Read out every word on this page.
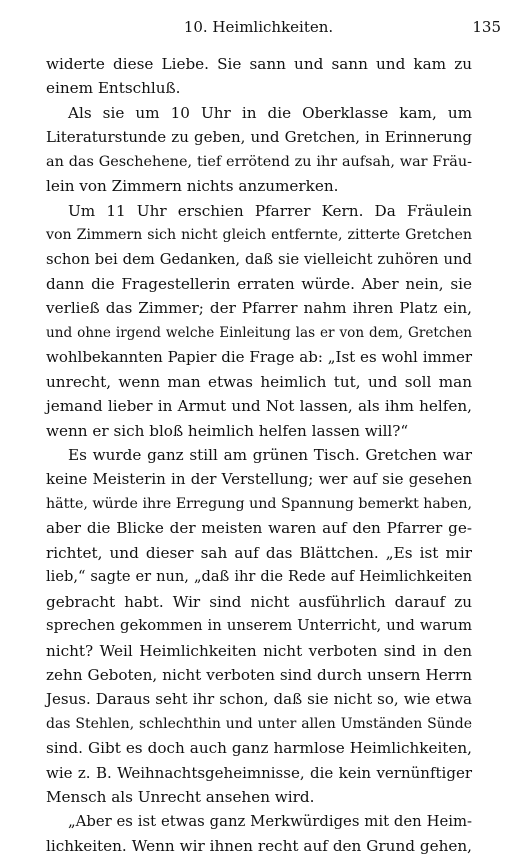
10. Heimlichkeiten.	135
widerte diese Liebe. Sie sann und sann und kam zu
einem Entschluß.
Als sie um 10 Uhr in die Oberklasse kam, um
Literaturstunde zu geben, und Gretchen, in Erinnerung
an das Geschehene, tief errötend zu ihr aufsah, war Fräu-
lein von Zimmern nichts anzumerken.
Um 11 Uhr erschien Pfarrer Kern. Da Fräulein
von Zimmern sich nicht gleich entfernte, zitterte Gretchen
schon bei dem Gedanken, daß sie vielleicht zuhören und
dann die Fragestellerin erraten würde. Aber nein, sie
verließ das Zimmer; der Pfarrer nahm ihren Platz ein,
und ohne irgend welche Einleitung las er von dem, Gretchen
wohlbekannten Papier die Frage ab: „Ist es wohl immer
unrecht, wenn man etwas heimlich tut, und soll man
jemand lieber in Armut und Not lassen, als ihm helfen,
wenn er sich bloß heimlich helfen lassen will?“
Es wurde ganz still am grünen Tisch. Gretchen war
keine Meisterin in der Verstellung; wer auf sie gesehen
hätte, würde ihre Erregung und Spannung bemerkt haben,
aber die Blicke der meisten waren auf den Pfarrer ge-
richtet, und dieser sah auf das Blättchen. „Es ist mir
lieb,“ sagte er nun, „daß ihr die Rede auf Heimlichkeiten
gebracht habt. Wir sind nicht ausführlich darauf zu
sprechen gekommen in unserem Unterricht, und warum
nicht? Weil Heimlichkeiten nicht verboten sind in den
zehn Geboten, nicht verboten sind durch unsern Herrn
Jesus. Daraus seht ihr schon, daß sie nicht so, wie etwa
das Stehlen, schlechthin und unter allen Umständen Sünde
sind. Gibt es doch auch ganz harmlose Heimlichkeiten,
wie z. B. Weihnachtsgeheimnisse, die kein vernünftiger
Mensch als Unrecht ansehen wird.
„Aber es ist etwas ganz Merkwürdiges mit den Heim-
lichkeiten. Wenn wir ihnen recht auf den Grund gehen,
